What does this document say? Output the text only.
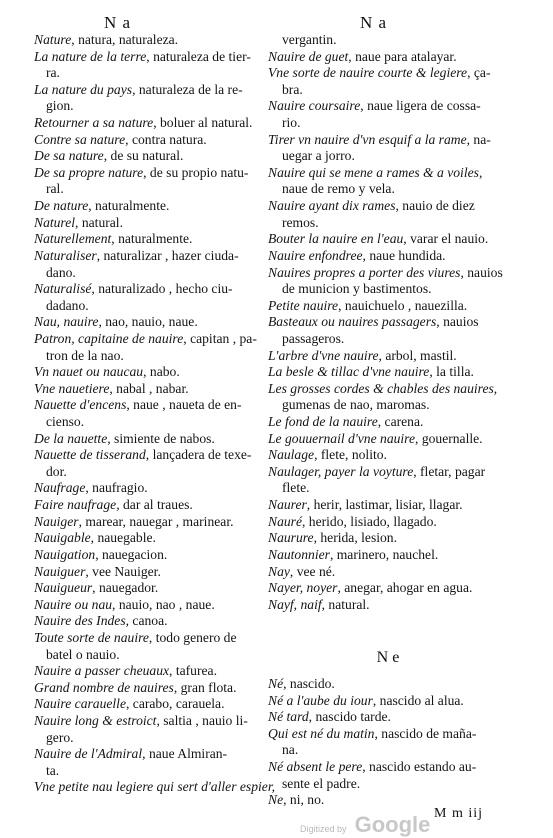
N a	N a
Nature, natura, naturaleza.
La nature de la terre, naturaleza de tier-
ra.
La nature du pays, naturaleza de la re-
gion.
Retourner a sa nature, boluer al natural.
Contre sa nature, contra natura.
De sa nature, de su natural.
De sa propre nature, de su propio natu-
ral.
De nature, naturalmente.
Naturel, natural.
Naturellement, naturalmente.
Naturaliser, naturalizar , hazer ciuda-
dano.
Naturalisé, naturalizado , hecho ciu-
dadano.
Nau, nauire, nao, nauio, naue.
Patron, capitaine de nauire, capitan , pa-
tron de la nao.
Vn nauet ou naucau, nabo.
Vne nauetiere, nabal , nabar.
Nauette d'encens, naue , naueta de en-
cienso.
De la nauette, simiente de nabos.
Nauette de tisserand, lançadera de texe-
dor.
Naufrage, naufragio.
Faire naufrage, dar al traues.
Nauiger, marear, nauegar , marinear.
Nauigable, nauegable.
Nauigation, nauegacion.
Nauiguer, vee Nauiger.
Nauigueur, nauegador.
Nauire ou nau, nauio, nao , naue.
Nauire des Indes, canoa.
Toute sorte de nauire, todo genero de
batel o nauio.
Nauire a passer cheuaux, tafurea.
Grand nombre de nauires, gran flota.
Nauire carauelle, carabo, carauela.
Nauire long & estroict, saltia , nauio li-
gero.
Nauire de l'Admiral, naue Almiran-
ta.
Vne petite nau legiere qui sert d'aller espier,
vergantin.
Nauire de guet, naue para atalayar.
Vne sorte de nauire courte & legiere, ça-
bra.
Nauire coursaire, naue ligera de cossa-
rio.
Tirer vn nauire d'vn esquif a la rame, na-
uegar a jorro.
Nauire qui se mene a rames & a voiles,
naue de remo y vela.
Nauire ayant dix rames, nauio de diez
remos.
Bouter la nauire en l'eau, varar el nauio.
Nauire enfondree, naue hundida.
Nauires propres a porter des viures, nauios
de municion y bastimentos.
Petite nauire, nauichuelo , nauezilla.
Basteaux ou nauires passagers, nauios
passageros.
L'arbre d'vne nauire, arbol, mastil.
La besle & tillac d'vne nauire, la tilla.
Les grosses cordes & chables des nauires,
gumenas de nao, maromas.
Le fond de la nauire, carena.
Le gouuernail d'vne nauire, gouernalle.
Naulage, flete, nolito.
Naulager, payer la voyture, fletar, pagar
flete.
Naurer, herir, lastimar, lisiar, llagar.
Nauré, herido, lisiado, llagado.
Naurure, herida, lesion.
Nautonnier, marinero, nauchel.
Nay, vee né.
Nayer, noyer, anegar, ahogar en agua.
Nayf, naif, natural.
N e
Né, nascido.
Né a l'aube du iour, nascido al alua.
Né tard, nascido tarde.
Qui est né du matin, nascido de maña-
na.
Né absent le pere, nascido estando au-
sente el padre.
Ne, ni, no.
M m iij
Digitized by Google
